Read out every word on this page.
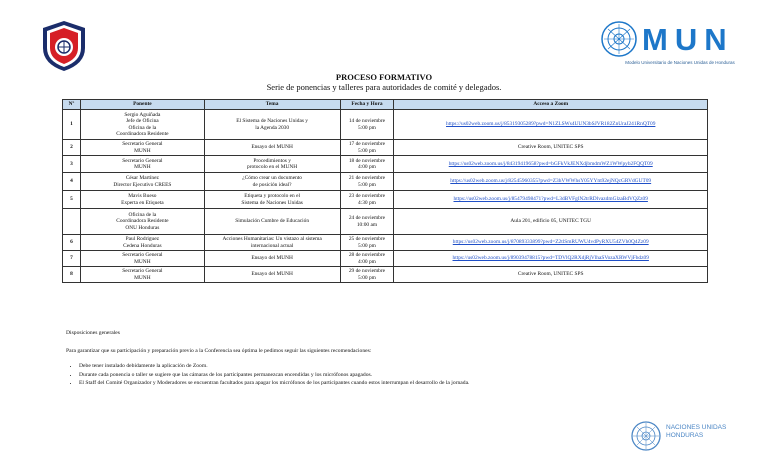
MUN
Modelo Universitario de Naciones Unidas de Honduras
PROCESO FORMATIVO
Serie de ponencias y talleres para autoridades de comité y delegados.
Nº	Ponente	Tema	Fecha y Hora	Acceso a Zoom
1	Sergio Aguiñada
Jefe de Oficina
Oficina de la
Coordinadora Residente	El Sistema de Naciones Unidas y
la Agenda 2030	14 de noviembre
5:00 pm	https://us02web.zoom.us/j/85319305289?pwd=N1ZLSWs4UUN3bSJVR182ZnUraJ241RnQT09
2	Secretario General
MUNH	Ensayo del MUNH	17 de noviembre
5:00 pm	Creative Room, UNITEC SPS
3	Secretario General
MUNH	Procedimientos y
protocolo en el MUNH	18 de noviembre
4:00 pm	https://us02web.zoom.us/j/84319419658?pwd=bGFkVkJENXdjbmdmWZ1WWpyb2FQQT09
4	César Martínez
Director Ejecutivo CREES	¿Cómo crear un documento
de posición ideal?	21 de noviembre
5:00 pm	https://us02web.zoom.us/j/82545960355?pwd=Z3hVWWhsY05YYm92ejNQcGRVdGUT09
5	Mavis Bueso
Experta en Etiqueta	Etiqueta y protocolo en el
Sistema de Naciones Unidas	23 de noviembre
4:30 pm	https://us02web.zoom.us/j/85479498471?pwd=L3dBVFglN2trRDlvazdmGlzaBdVQZz09
	Oficina de la
Coordinadora Residente
ONU Honduras	Simulación Cumbre de Educación	24 de noviembre
10:00 am	Aula 201, edificio 05, UNITEC TGU
6	Paul Rodriguez
Cedena Honduras	Acciones Humanitarias: Un vistazo al sistema
internacional actual	25 de noviembre
5:00 pm	https://us02web.zoom.us/j/87089333899?pwd=Z2tlSmRUWU4vdPyRXU54ZVh0Q4Zz09
7	Secretario General
MUNH	Ensayo del MUNH	28 de noviembre
4:00 pm	https://us02web.zoom.us/j/89039478815?pwd=TDVlQ2RXdjRjVlhaSVozaXRWVjFhdz09
8	Secretario General
MUNH	Ensayo del MUNH	29 de noviembre
5:00 pm	Creative Room, UNITEC SPS

Disposiciones generales

Para garantizar que su participación y preparación previo a la Conferencia sea óptima le pedimos seguir las siguientes recomendaciones:

• Debe tener instalado debidamente la aplicación de Zoom.
• Durante cada ponencia o taller se sugiere que las cámaras de los participantes permanezcan encendidas y los micrófonos apagados.
• El Staff del Comité Organizador y Moderadores se encuentran facultados para apagar los micrófonos de los participantes cuando estos interrumpan el desarrollo de la jornada.
NACIONES UNIDAS
HONDURAS
